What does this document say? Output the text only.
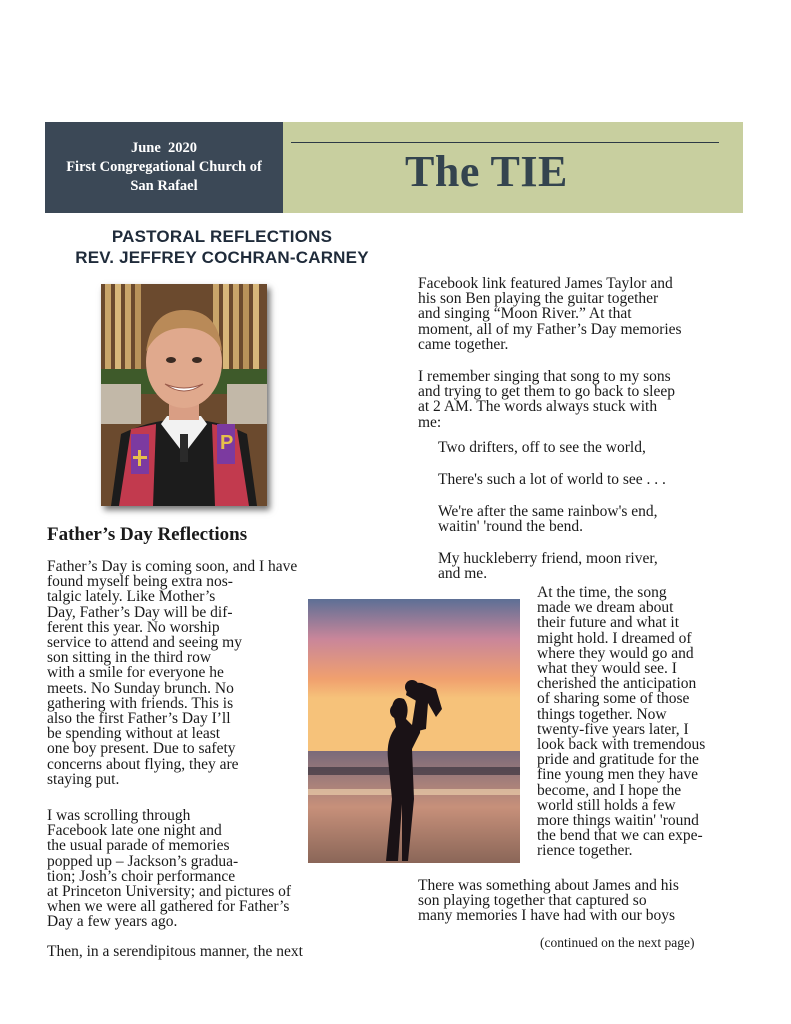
June  2020
First Congregational Church of
San Rafael	The TIE
PASTORAL REFLECTIONS
REV. JEFFREY COCHRAN-CARNEY
P
Father’s Day Reflections

Father’s Day is coming soon, and I have
found myself being extra nos-
talgic lately. Like Mother’s
Day, Father’s Day will be dif-
ferent this year. No worship
service to attend and seeing my
son sitting in the third row
with a smile for everyone he
meets. No Sunday brunch. No
gathering with friends. This is
also the first Father’s Day I’ll
be spending without at least
one boy present. Due to safety
concerns about flying, they are
staying put.

I was scrolling through
Facebook late one night and
the usual parade of memories
popped up – Jackson’s gradua-
tion; Josh’s choir performance
at Princeton University; and pictures of
when we were all gathered for Father’s
Day a few years ago.

Then, in a serendipitous manner, the next

Facebook link featured James Taylor and
his son Ben playing the guitar together
and singing “Moon River.” At that
moment, all of my Father’s Day memories
came together.

I remember singing that song to my sons
and trying to get them to go back to sleep
at 2 AM. The words always stuck with
me:

Two drifters, off to see the world,

There's such a lot of world to see . . .

We're after the same rainbow's end,
waitin' 'round the bend.

My huckleberry friend, moon river,
and me.

At the time, the song
made we dream about
their future and what it
might hold. I dreamed of
where they would go and
what they would see. I
cherished the anticipation
of sharing some of those
things together. Now
twenty-five years later, I
look back with tremendous
pride and gratitude for the
fine young men they have
become, and I hope the
world still holds a few
more things waitin' 'round
the bend that we can expe-
rience together.

There was something about James and his
son playing together that captured so
many memories I have had with our boys

(continued on the next page)
